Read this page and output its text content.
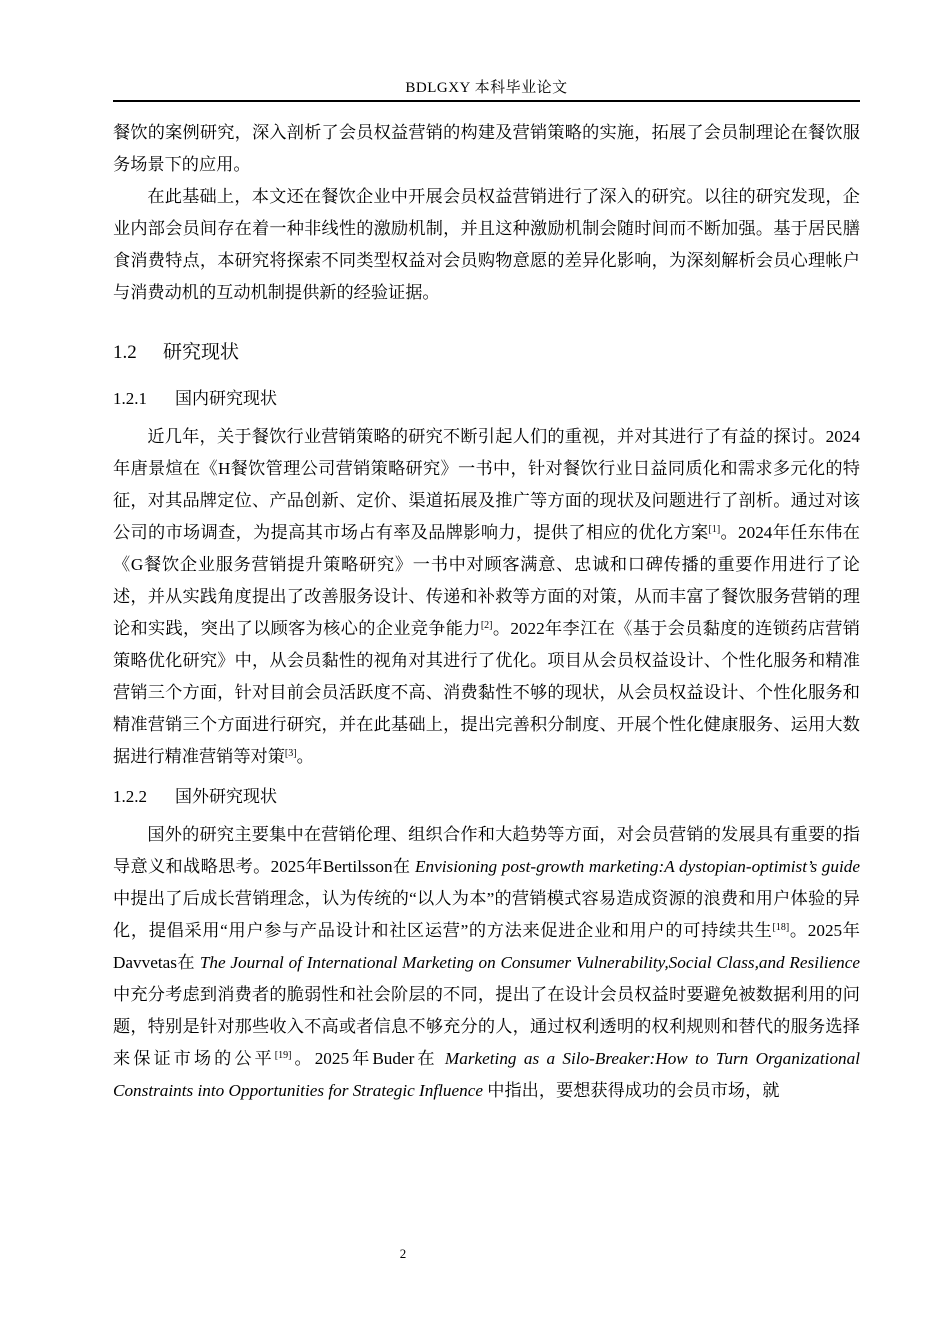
BDLGXY 本科毕业论文

餐饮的案例研究，深入剖析了会员权益营销的构建及营销策略的实施，拓展了会员制理论在餐饮服务场景下的应用。

在此基础上，本文还在餐饮企业中开展会员权益营销进行了深入的研究。以往的研究发现，企业内部会员间存在着一种非线性的激励机制，并且这种激励机制会随时间而不断加强。基于居民膳食消费特点，本研究将探索不同类型权益对会员购物意愿的差异化影响，为深刻解析会员心理帐户与消费动机的互动机制提供新的经验证据。

1.2 研究现状
1.2.1 国内研究现状

近几年，关于餐饮行业营销策略的研究不断引起人们的重视，并对其进行了有益的探讨。2024年唐景煊在《H餐饮管理公司营销策略研究》一书中，针对餐饮行业日益同质化和需求多元化的特征，对其品牌定位、产品创新、定价、渠道拓展及推广等方面的现状及问题进行了剖析。通过对该公司的市场调查，为提高其市场占有率及品牌影响力，提供了相应的优化方案[1]。2024年任东伟在《G餐饮企业服务营销提升策略研究》一书中对顾客满意、忠诚和口碑传播的重要作用进行了论述，并从实践角度提出了改善服务设计、传递和补救等方面的对策，从而丰富了餐饮服务营销的理论和实践，突出了以顾客为核心的企业竞争能力[2]。2022年李江在《基于会员黏度的连锁药店营销策略优化研究》中，从会员黏性的视角对其进行了优化。项目从会员权益设计、个性化服务和精准营销三个方面，针对目前会员活跃度不高、消费黏性不够的现状，从会员权益设计、个性化服务和精准营销三个方面进行研究，并在此基础上，提出完善积分制度、开展个性化健康服务、运用大数据进行精准营销等对策[3]。

1.2.2 国外研究现状

国外的研究主要集中在营销伦理、组织合作和大趋势等方面，对会员营销的发展具有重要的指导意义和战略思考。2025年Bertilsson在 Envisioning post-growth marketing:A dystopian-optimist’s guide 中提出了后成长营销理念，认为传统的“以人为本”的营销模式容易造成资源的浪费和用户体验的异化，提倡采用“用户参与产品设计和社区运营”的方法来促进企业和用户的可持续共生[18]。2025年Davvetas在 The Journal of International Marketing on Consumer Vulnerability,Social Class,and Resilience 中充分考虑到消费者的脆弱性和社会阶层的不同，提出了在设计会员权益时要避免被数据利用的问题，特别是针对那些收入不高或者信息不够充分的人，通过权利透明的权利规则和替代的服务选择来保证市场的公平[19]。2025年Buder在 Marketing as a Silo-Breaker:How to Turn Organizational Constraints into Opportunities for Strategic Influence 中指出，要想获得成功的会员市场，就

2
